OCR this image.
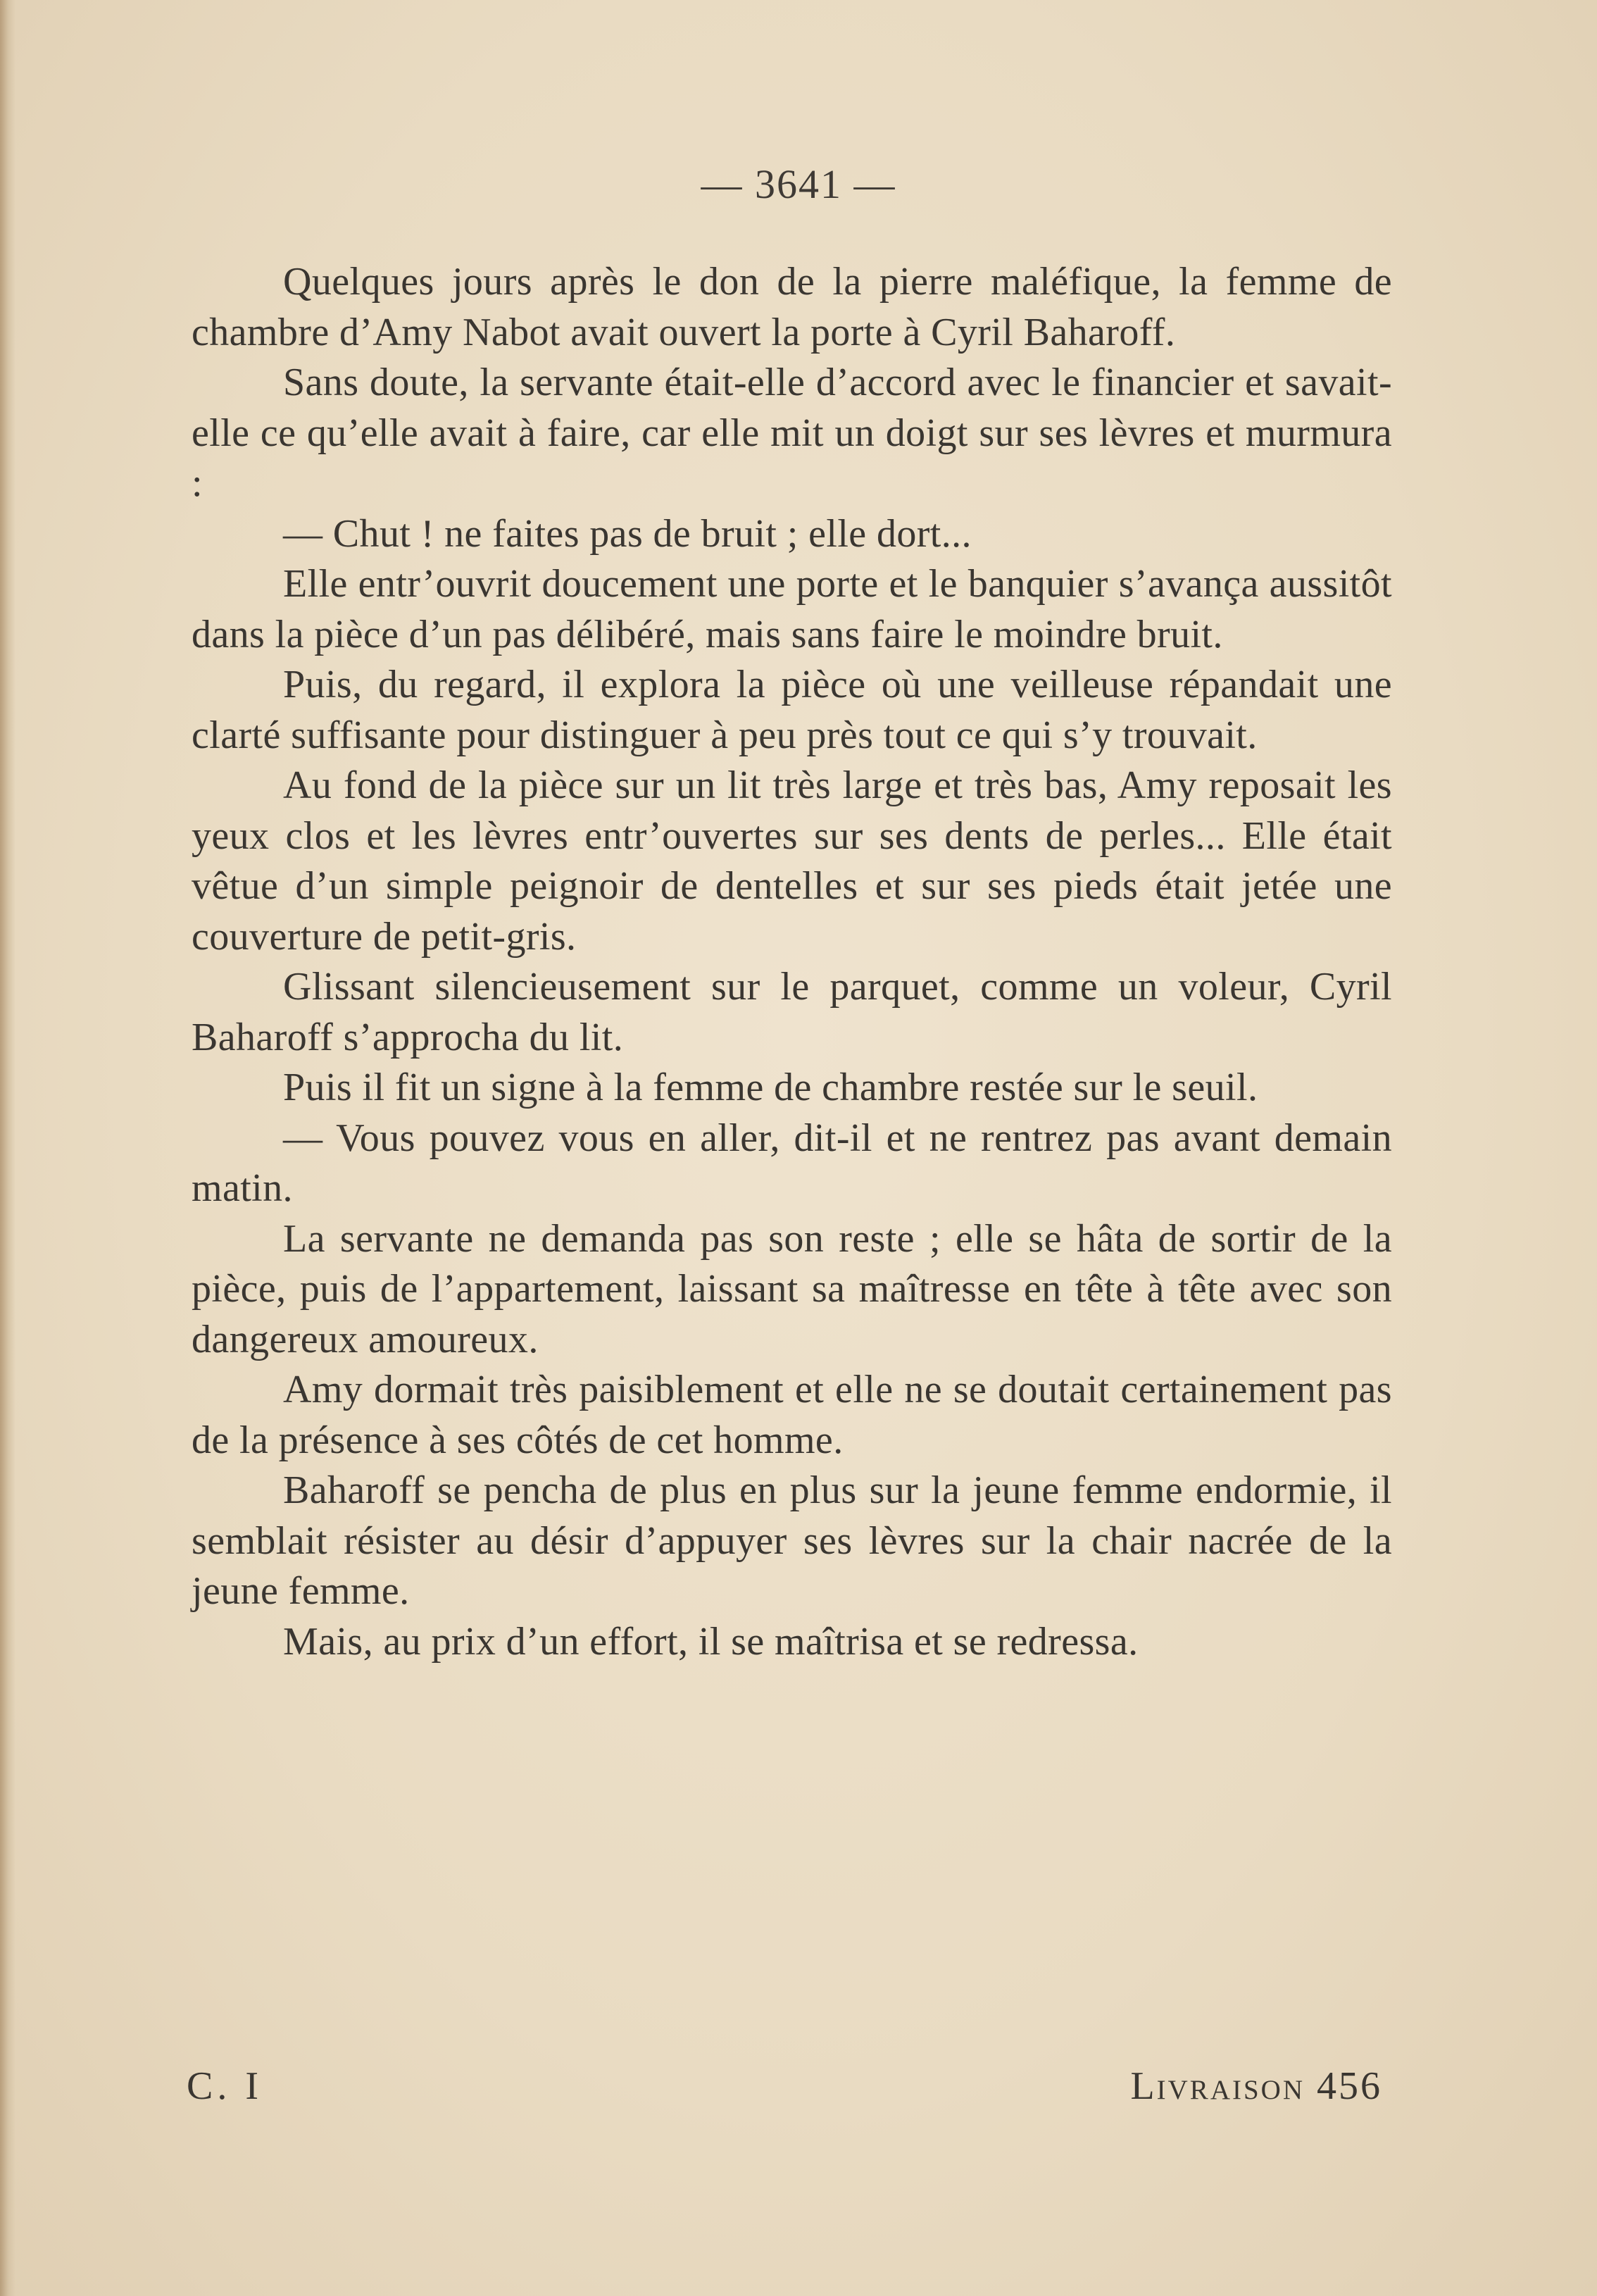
— 3641 —

Quelques jours après le don de la pierre maléfique, la femme de chambre d’Amy Nabot avait ouvert la porte à Cyril Baharoff.

Sans doute, la servante était-elle d’accord avec le financier et savait-elle ce qu’elle avait à faire, car elle mit un doigt sur ses lèvres et murmura :

— Chut ! ne faites pas de bruit ; elle dort...

Elle entr’ouvrit doucement une porte et le banquier s’avança aussitôt dans la pièce d’un pas délibéré, mais sans faire le moindre bruit.

Puis, du regard, il explora la pièce où une veilleuse répandait une clarté suffisante pour distinguer à peu près tout ce qui s’y trouvait.

Au fond de la pièce sur un lit très large et très bas, Amy reposait les yeux clos et les lèvres entr’ouvertes sur ses dents de perles... Elle était vêtue d’un simple peignoir de dentelles et sur ses pieds était jetée une couverture de petit-gris.

Glissant silencieusement sur le parquet, comme un voleur, Cyril Baharoff s’approcha du lit.

Puis il fit un signe à la femme de chambre restée sur le seuil.

— Vous pouvez vous en aller, dit-il et ne rentrez pas avant demain matin.

La servante ne demanda pas son reste ; elle se hâta de sortir de la pièce, puis de l’appartement, laissant sa maîtresse en tête à tête avec son dangereux amoureux.

Amy dormait très paisiblement et elle ne se doutait certainement pas de la présence à ses côtés de cet homme.

Baharoff se pencha de plus en plus sur la jeune femme endormie, il semblait résister au désir d’appuyer ses lèvres sur la chair nacrée de la jeune femme.

Mais, au prix d’un effort, il se maîtrisa et se redressa.

C. I	Livraison 456
